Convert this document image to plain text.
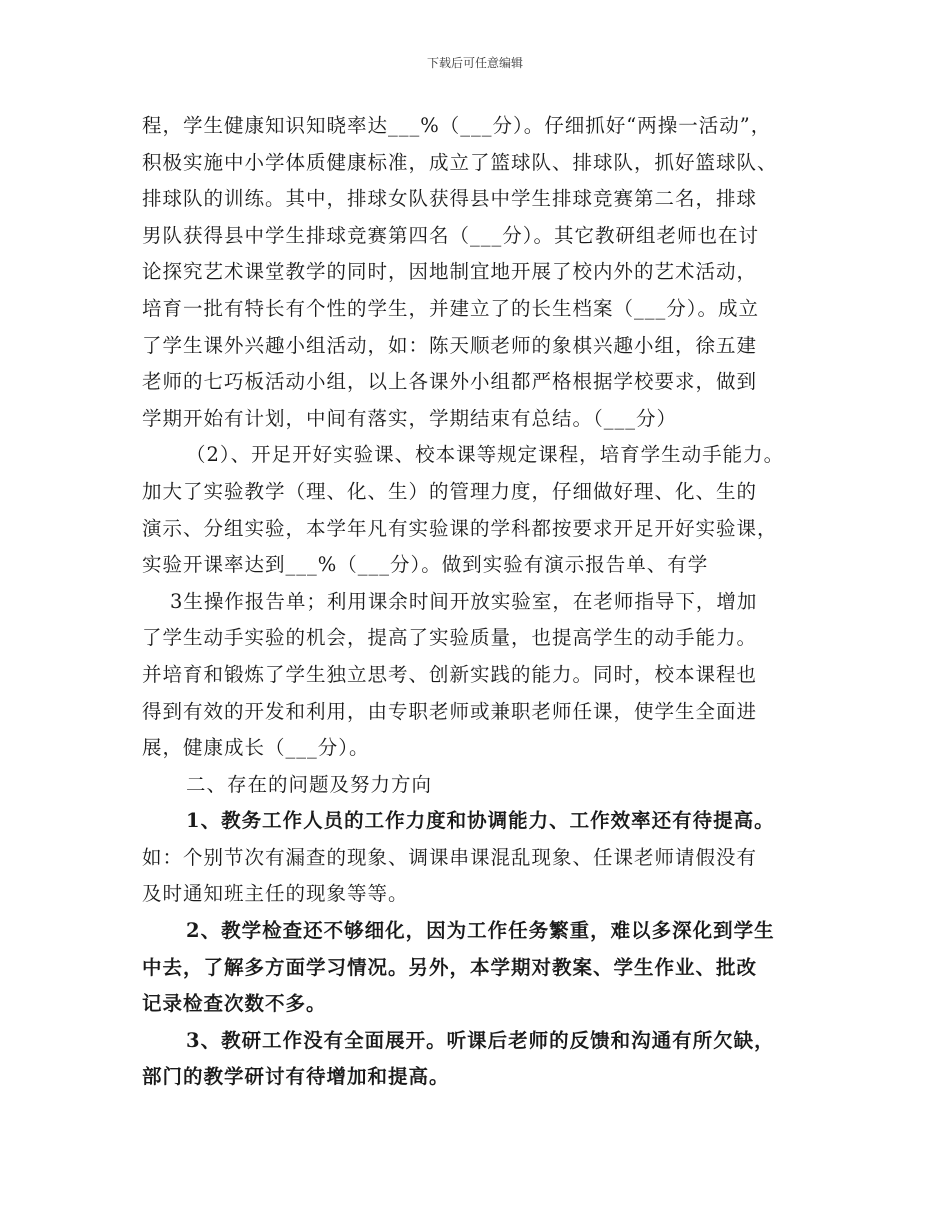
下载后可任意编辑
程，学生健康知识知晓率达___%（___分）。仔细抓好“两操一活动”，
积极实施中小学体质健康标准，成立了篮球队、排球队，抓好篮球队、
排球队的训练。其中，排球女队获得县中学生排球竞赛第二名，排球
男队获得县中学生排球竞赛第四名（___分）。其它教研组老师也在讨
论探究艺术课堂教学的同时，因地制宜地开展了校内外的艺术活动，
培育一批有特长有个性的学生，并建立了的长生档案（___分）。成立
了学生课外兴趣小组活动，如：陈天顺老师的象棋兴趣小组，徐五建
老师的七巧板活动小组，以上各课外小组都严格根据学校要求，做到
学期开始有计划，中间有落实，学期结束有总结。（___分）
（2）、开足开好实验课、校本课等规定课程，培育学生动手能力。
加大了实验教学（理、化、生）的管理力度，仔细做好理、化、生的
演示、分组实验，本学年凡有实验课的学科都按要求开足开好实验课，
实验开课率达到___%（___分）。做到实验有演示报告单、有学
3生操作报告单；利用课余时间开放实验室，在老师指导下，增加
了学生动手实验的机会，提高了实验质量，也提高学生的动手能力。
并培育和锻炼了学生独立思考、创新实践的能力。同时，校本课程也
得到有效的开发和利用，由专职老师或兼职老师任课，使学生全面进
展，健康成长（___分）。
二、存在的问题及努力方向
1、教务工作人员的工作力度和协调能力、工作效率还有待提高。
如：个别节次有漏查的现象、调课串课混乱现象、任课老师请假没有
及时通知班主任的现象等等。
2、教学检查还不够细化，因为工作任务繁重，难以多深化到学生
中去，了解多方面学习情况。另外，本学期对教案、学生作业、批改
记录检查次数不多。
3、教研工作没有全面展开。听课后老师的反馈和沟通有所欠缺，
部门的教学研讨有待增加和提高。
